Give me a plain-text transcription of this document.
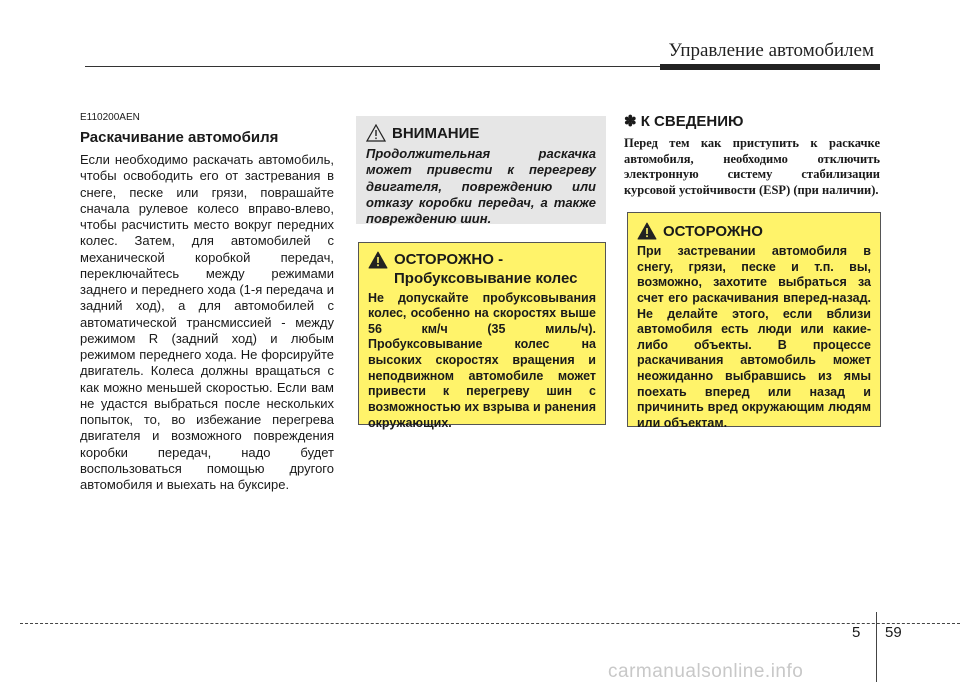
Управление автомобилем

E110200AEN

Раскачивание автомобиля

Если необходимо раскачать автомобиль, чтобы освободить его от застревания в снеге, песке или грязи, поврашайте сначала рулевое колесо вправо-влево, чтобы расчистить место вокруг передних колес. Затем, для автомобилей с механической коробкой передач, переключайтесь между режимами заднего и переднего хода (1-я передача и задний ход), а для автомобилей с автоматической трансмиссией - между режимом R (задний ход) и любым режимом переднего хода. Не форсируйте двигатель. Колеса должны вращаться с как можно меньшей скоростью. Если вам не удастся выбраться после нескольких попыток, то, во избежание перегрева двигателя и возможного повреждения коробки передач, надо будет воспользоваться помощью другого автомобиля и выехать на буксире.

ВНИМАНИЕ
Продолжительная раскачка может привести к перегреву двигателя, повреждению или отказу коробки передач, а также повреждению шин.
ОСТОРОЖНО -
Пробуксовывание колес
Не допускайте пробуксовывания колес, особенно на скоростях выше 56 км/ч (35 миль/ч). Пробуксовывание колес на высоких скоростях вращения и неподвижном автомобиле может привести к перегреву шин с возможностью их взрыва и ранения окружающих.
✽ К СВЕДЕНИЮ

Перед тем как приступить к раскачке автомобиля, необходимо отключить электронную систему стабилизации курсовой устойчивости (ESP) (при наличии).

ОСТОРОЖНО
При застревании автомобиля в снегу, грязи, песке и т.п. вы, возможно, захотите выбраться за счет его раскачивания вперед-назад. Не делайте этого, если вблизи автомобиля есть люди или какие-либо объекты. В процессе раскачивания автомобиль может неожиданно выбравшись из ямы поехать вперед или назад и причинить вред окружающим людям или объектам.
5 59
carmanualsonline.info
